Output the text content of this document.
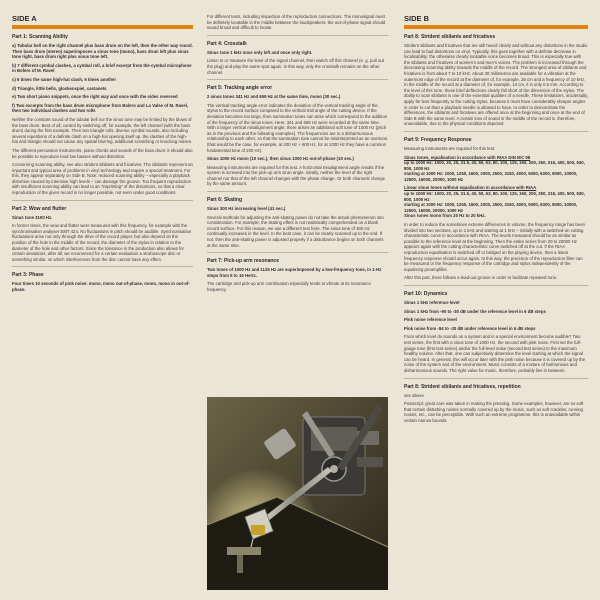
SIDE A
Part 1: Scanning Ability

a) Tubular bell on the right channel plus bass drum on the left, then the other way round. Then bass drum (stereo) superimposes a sinus tone (mono), bass drum left plus sinus tone right, bass drum right plus sinus tone left.

b) 7 different cymbal clashes, a cymbal roll, a brief excerpt from the cymbal microphone in Bolero of M. Ravel

c) 6 times the same high-hat clash, 6 times another

d) Triangle, little bells, glockenspiel, castanets

e) Two short piano snippets, once the right way and once with the sides reversed

f) Two excerpts from the bass drum microphone from Bolero and La Valse of M. Ravel, then two individual clashes and two rolls

Neither the constant sound of the tubular bell nor the sinus tone may be limited by the blows of the bass drum. Best of all, control by switching off, for example, the left channel (with the bass drum) during the first example. Then two triangle rolls, diverse cymbal sounds, also including several repetitions of a definite clash on a high-hat opening itself up. the clashes of the high-hat and triangle should not cause any spatial blurring, additional scratching or knocking noises.

The different percussion instruments, piano chords and sounds of the bass drum: it should also be possible to reproduce loud low basses without distortion.

Concerning scanning ability, see also strident sibilants and fricatives. The sibilants represent an important and typical area of problems in vinyl technology and require a special treatment. For this, they appear separately on Side B. Note: reduced scanning ability – especially a playback distortion caused by intensive high levels – can damage the groove. Too frequent reproduction with insufficient scanning ability can lead to an "imprinting" of the distortions, so that a clear reproduction of the given record is no longer possible, not even under good conditions.

Part 2: Wow and flutter

Sinus tone 3150 Hz.

In former times, the wow and flutter were measured with this frequency, for example with the synchronisation analyser EMT 424. No fluctuations in pitch should be audible. Synchronisation fluctuations arise not only through the drive of the record player, but also depend on the position of the hole in the middle of the record, the diameter of the stylus in relation to the diameter of the hole and other factors. Since the tolerance in the production also allows for certain deviations, after all, we recommend for a certain evaluation a stroboscope disc or something similar, on which interferences from the disc cannot have any effect.

Part 3: Phase

Four times 10 seconds of pink noise: mono, mono out-of-phase, mono, mono in out-of-phase.

For different tests, including inspection of the reproduction connections. The monosignal must be definitely locatable in the middle between the loudspeakers; the out-of-phase signal should sound broad and difficult to locate.

Part 4: Crosstalk

Sinus tone 1 kHz once only left and once only right.

Listen to or measure the level of the signal channel, then switch off this channel (e. g. pull out the plug) and play the same spot again. In this way, only the crosstalk remains on the other channel.

Part 5: Tracking angle error

2 sinus tones 341 Hz and 659 Hz at the same time, mono (30 sec.)

The vertical tracking angle error indicates the deviation of the vertical tracking angle of the stylus to the record surface compared to the vertical trail angle of the cutting device. If the deviation becomes too large, then summation tones can arise which correspond to the addition of the frequency of the sinus tones. Here, 341 and 659 Hz were recorded at the same time. With a larger vertical misalignment angle, there arises an additional soft tone of 1000 Hz (pitch as in the previous and the following examples). The frequencies are in a disharmonious relationship to each other, so that the summation tone cannot be misinterpreted as an overtone (that would be the case, for example, at 400 Hz + 600 Hz, for at 1000 Hz they have a common fundamental tone of 200 Hz).

Sinus 1000 Hz mono (10 sec.), then sinus 1000 Hz out-of-phase (10 sec.)

Measuring instruments are required for this test. A horizontal misalignment angle results if the system is screwed into the pick-up arm at an angle. Ideally, neither the level of the right channel nor that of the left channel changes with the phase change. Or both channels change by the same amount.

Part 6: Skating

Sinus 300 Hz increasing level (41 sec.)

Several methods for adjusting the anti-skating power do not take the actual phenomenon into consideration. For example, the skating effect is not realistically comprehended on a blank record surface. For this reason, we use a different test here. The sinus tone of 300 Hz continually increases in the level. In the best case, it can be clearly scanned up to the end. If not, then the anti-skating power is adjusted properly if a disturbance begins on both channels at the same time.

Part 7: Pick-up arm resonance

Two tones of 1000 Hz and 1125 Hz are superimposed by a low-frequency tone, in 1-Hz steps from 5 to 15 Hertz.

The cartridge and pick-up arm combination especially tends to vibrate at its resonance frequency.

SIDE B
Part 8: Strident sibilants and fricatives

Strident sibilants and fricatives that are still heard clearly and without any distortions in the studio can lead to bad distortions on vinyl. Typically, this goes together with a definite decrease in localisability: the otherwise clearly locatable voice becomes broad. This is especially true with the sibilants and fricatives of women's and men's voices. The problem is increased through the decreasing scanning ability towards the middle of the record. The strongest area of sibilants and fricatives is from about 7 to 10 kHz. About 30 millimetres are available for a vibration at the outermost edge of the record at the diameter of, for example, 28 cm and a frequency of 10 kHz. In the middle of the record at a diameter of, for example, 13 cm, it is only 0.6 mm. According to the level of this tone, these brief deflections clearly fall short of the dimension of the stylus. The ability to scan sibilants is one of the essential qualities of a needle. These limitations, incidentally, apply far less frequently to the cutting stylus, because it must have considerably sharper angles in order to cut than a playback needle is allowed to have. In order to demonstrate the differences, the sibilants and fricatives are offered once at the beginning and once at the end of Side B with the same level. A certain loss of sound in the middle of the record is, therefore, unavoidable, due to the physical conditions depicted.

Part 9: Frequency Response

Measuring instruments are required for this test.

Sinus tones, equalisation in accordance with RIAA DIN IEC 98

up to 1000 Hz: 1000, 20, 25, 31.5, 40, 50, 63, 80, 100, 125, 160, 200, 250, 315, 400, 500, 630, 800, 1000 Hz

starting at 1000 Hz: 1000, 1250, 1600, 2000, 2500, 3150, 4000, 5000, 6300, 8000, 10000, 12500, 16000, 20000, 1000 Hz

Linear sinus tones without equalisation in accordance with RIAA

up to 1000 Hz: 1000, 20, 25, 31.5, 40, 50, 63, 80, 100, 125, 160, 200, 250, 315, 400, 500, 630, 800, 1000 Hz

starting at 1000 Hz: 1000, 1250, 1600, 2000, 2500, 3150, 4000, 5000, 6300, 8000, 10000, 12500, 16000, 20000, 1000 Hz

Sinus tones mono from 20 Hz to 20 kHz.

In order to reduce the sometimes extreme differences in volume, the frequency range has been divided into two sections, up to 1 kHz and starting at 1 kHz – initially with a switched-on cutting characteristic curve in accordance with RIAA. The levels measured should be as similar as possible to the reference level at the beginning. Then the entire series from 20 to 20000 Hz appears again with the cutting characteristic curve switched off at the cut. If the RIAA reproduction equalisation is switched off or bridged on the playing device, then a linear frequency response should occur again. In this way, the precision of the reproduction filter can be measured or the frequency response of the cartridge and stylus independently of the equalising preamplifier.

After this part, there follows a lead-out groove in order to facilitate repeated runs.

Part 10: Dynamics

Sinus 1 kHz reference level

Sinus 1 kHz from -90 to -30 dB under the reference level in 6 dB steps

Pink noise reference level

Pink noise from -84 to -30 dB under reference level in 6 dB steps

From which level do sounds on a system and in a special environment become audible? Two test series, the first with a sinus tone of 1000 Hz, the second with pink noise. First set the full-gauge tone (first test series) and/or the full-level noise (second test series) to the maximum healthy volume. After that, one can subjectively determine the level starting at which the signal can be heard. In general, this will occur later with the pink noise because it is covered up by the noise of the system and of the environment. Music consists of a mixture of harmonious and disharmonious sounds. The right value for music, therefore, probably lies in between.

Part 8: Strident sibilants and fricatives, repetition

see above

Postscript: great care was taken in making the pressing. Some examples, however, are so soft that certain disturbing noises normally covered up by the music, such as soft crackles, running noises, etc., can be perceptible. With such an extreme programme, this is unavoidable within certain narrow bounds
